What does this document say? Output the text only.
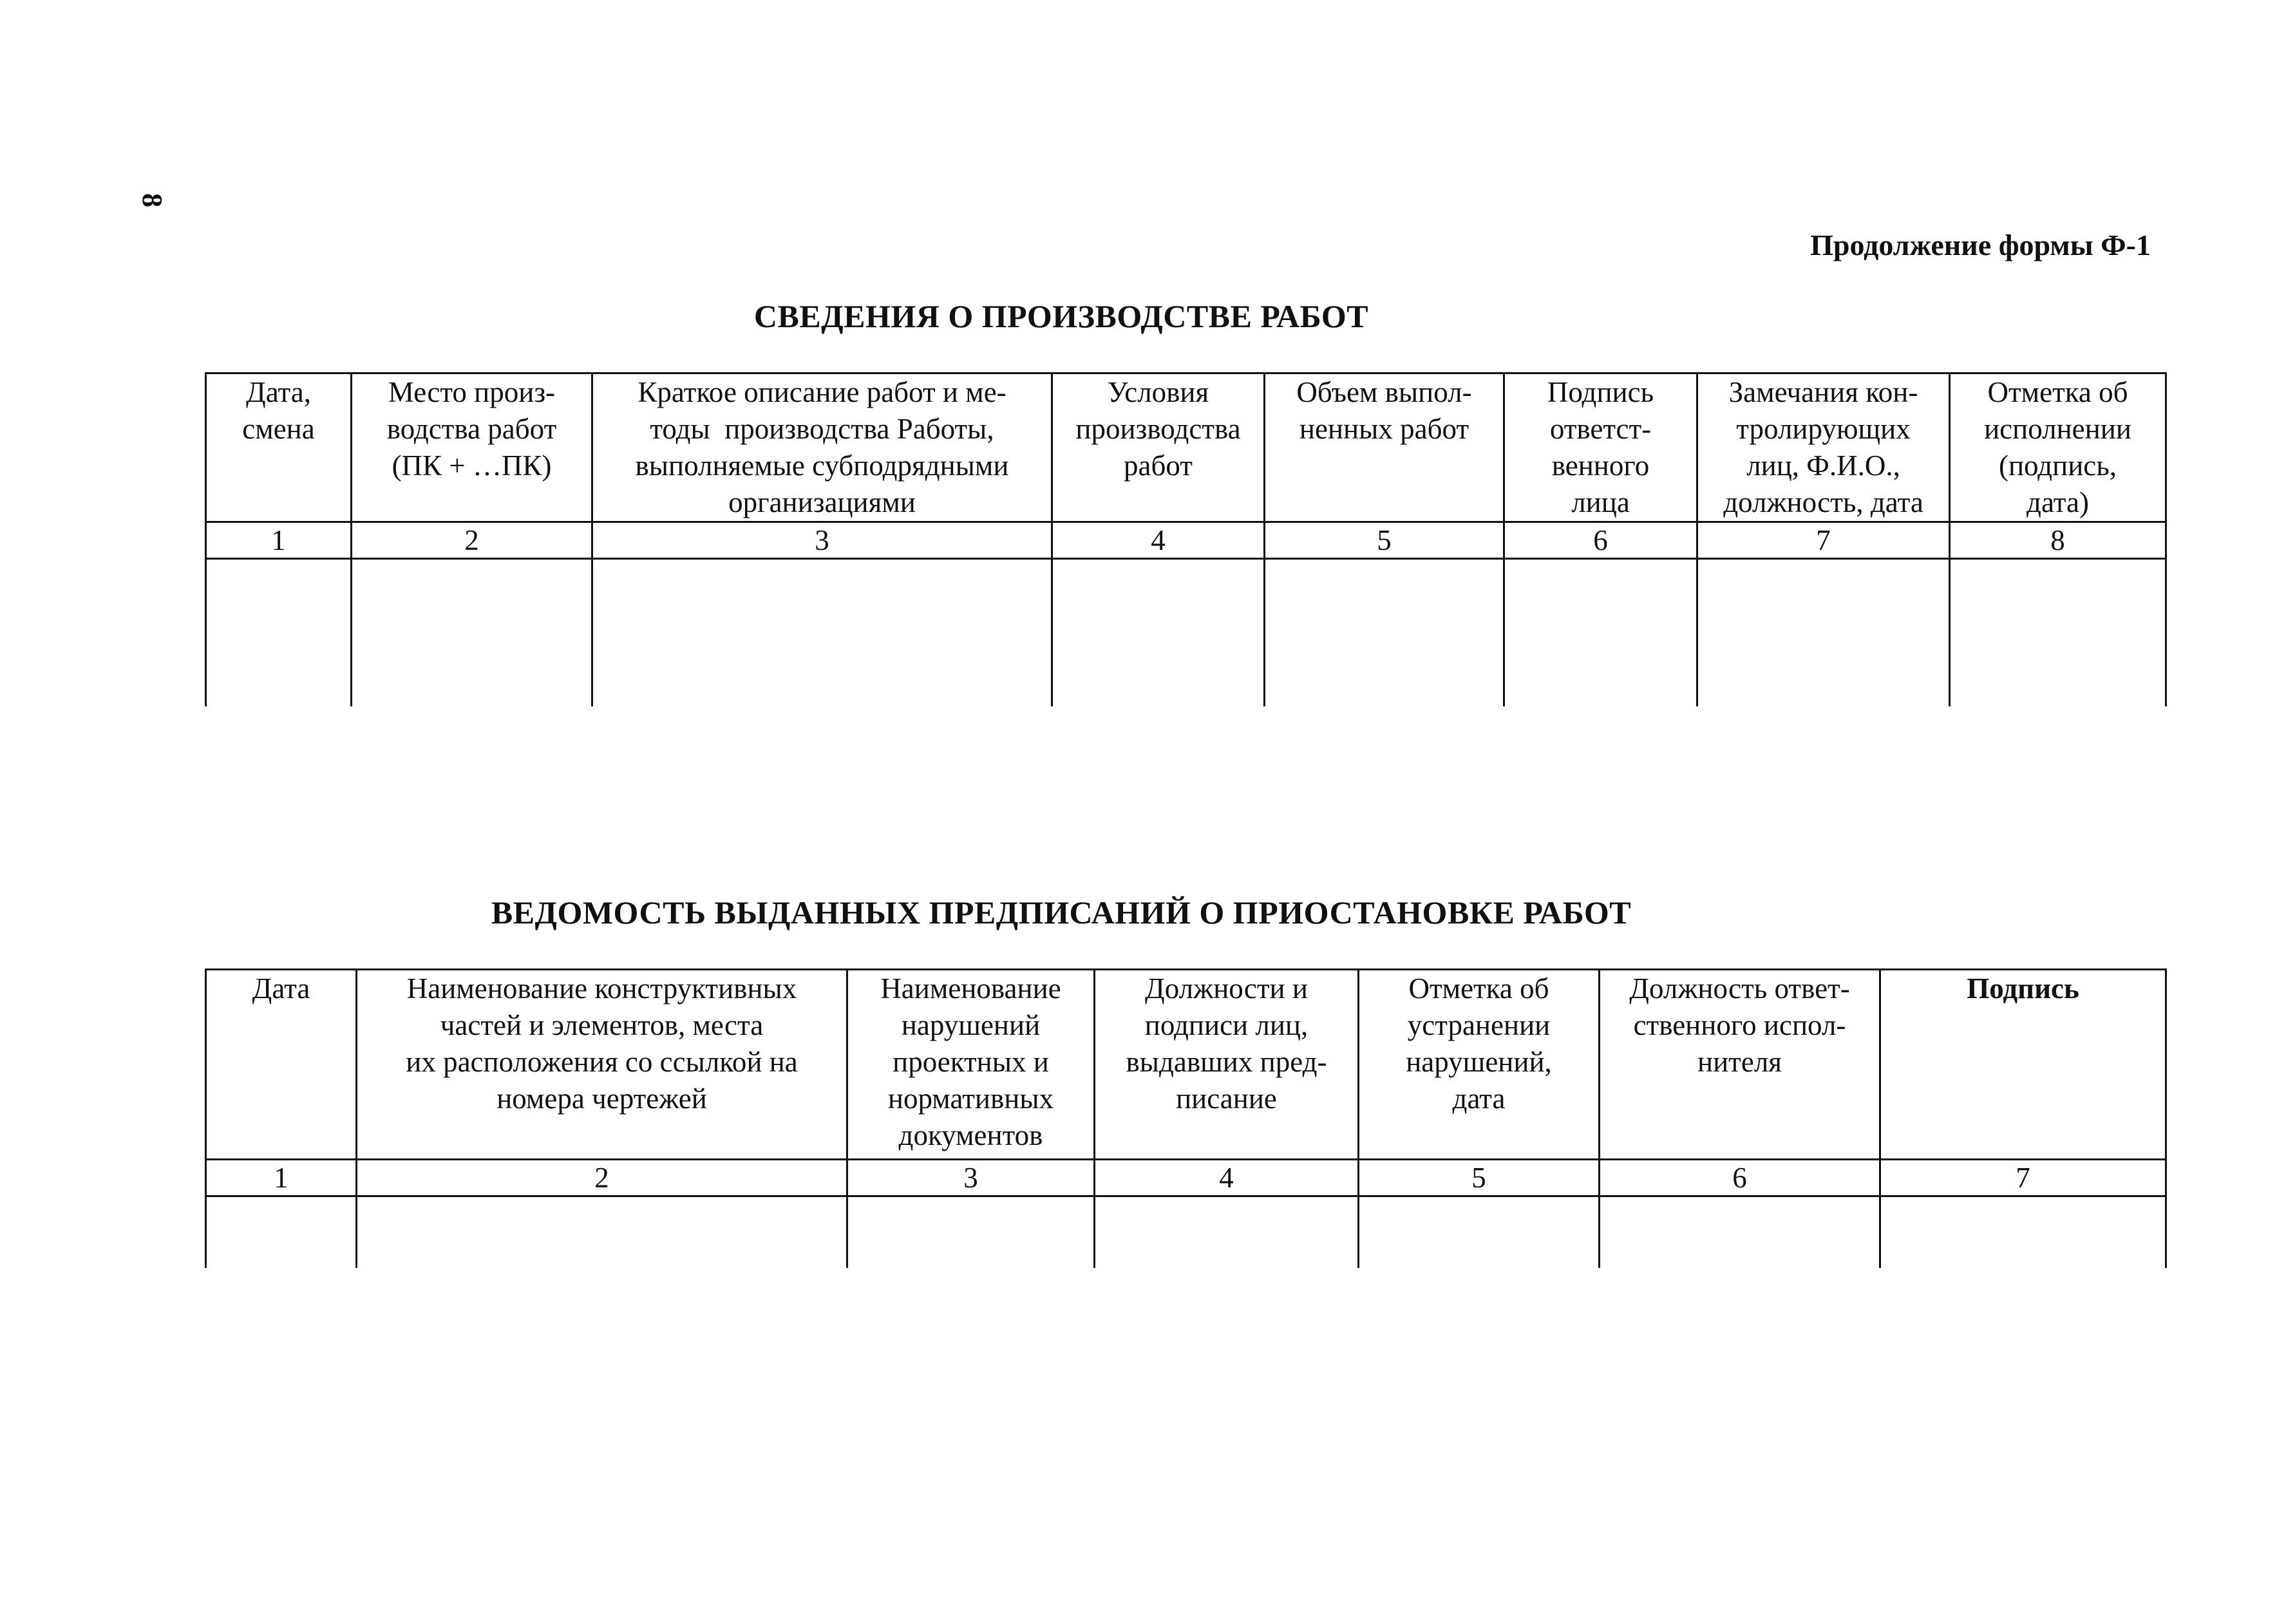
8
Продолжение формы Ф-1
СВЕДЕНИЯ О ПРОИЗВОДСТВЕ РАБОТ
Дата,
смена	Место произ-
водства работ
(ПК + …ПК)	Краткое описание работ и ме-
тоды  производства Работы,
выполняемые субподрядными
организациями	Условия
производства
работ	Объем выпол-
ненных работ	Подпись
ответст-
венного
лица	Замечания кон-
тролирующих
лиц, Ф.И.О.,
должность, дата	Отметка об
исполнении
(подпись,
дата)
1	2	3	4	5	6	7	8

ВЕДОМОСТЬ ВЫДАННЫХ ПРЕДПИСАНИЙ О ПРИОСТАНОВКЕ РАБОТ
Дата	Наименование конструктивных
частей и элементов, места
их расположения со ссылкой на
номера чертежей	Наименование
нарушений
проектных и
нормативных
документов	Должности и
подписи лиц,
выдавших пред-
писание	Отметка об
устранении
нарушений,
дата	Должность ответ-
ственного испол-
нителя	Подпись
1	2	3	4	5	6	7
